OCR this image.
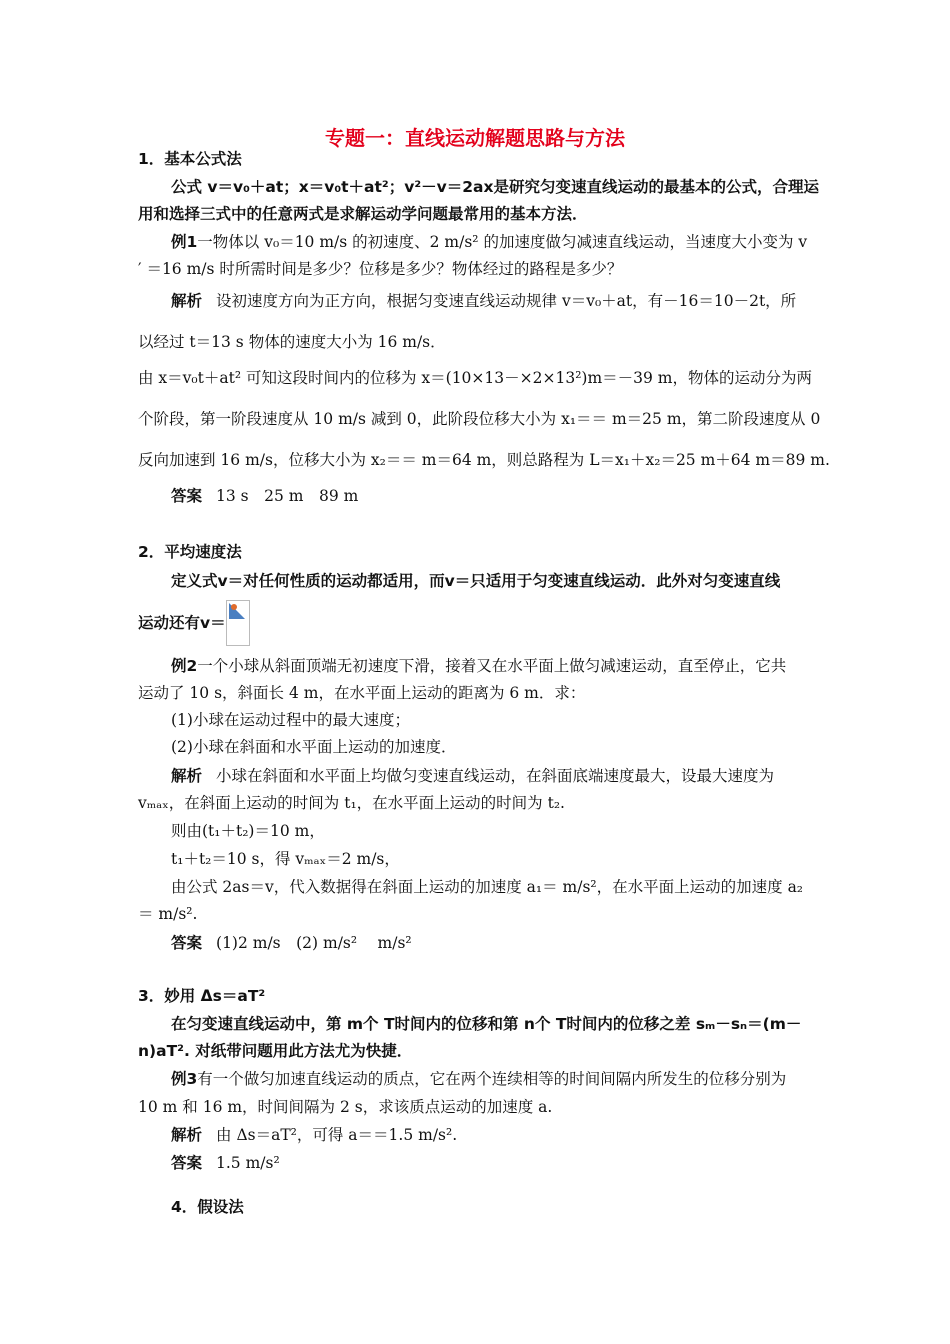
专题一：直线运动解题思路与方法
1．基本公式法
公式 v＝v₀＋at；x＝v₀t＋at²；v²－v＝2ax是研究匀变速直线运动的最基本的公式，合理运
用和选择三式中的任意两式是求解运动学问题最常用的基本方法．
例1一物体以 v₀＝10 m/s 的初速度、2 m/s² 的加速度做匀减速直线运动，当速度大小变为 v
′ ＝16 m/s 时所需时间是多少？位移是多少？物体经过的路程是多少？
解析 设初速度方向为正方向，根据匀变速直线运动规律 v＝v₀＋at，有－16＝10－2t，所
以经过 t＝13 s 物体的速度大小为 16 m/s．
由 x＝v₀t＋at² 可知这段时间内的位移为 x＝(10×13－×2×13²)m＝－39 m，物体的运动分为两
个阶段，第一阶段速度从 10 m/s 减到 0，此阶段位移大小为 x₁＝＝ m＝25 m，第二阶段速度从 0
反向加速到 16 m/s，位移大小为 x₂＝＝ m＝64 m，则总路程为 L＝x₁＋x₂＝25 m＋64 m＝89 m.
答案 13 s　25 m　89 m
2．平均速度法
定义式v＝对任何性质的运动都适用，而v＝只适用于匀变速直线运动．此外对匀变速直线
运动还有v＝
例2一个小球从斜面顶端无初速度下滑，接着又在水平面上做匀减速运动，直至停止，它共
运动了 10 s，斜面长 4 m，在水平面上运动的距离为 6 m．求：
(1)小球在运动过程中的最大速度；
(2)小球在斜面和水平面上运动的加速度．
解析 小球在斜面和水平面上均做匀变速直线运动，在斜面底端速度最大，设最大速度为
vₘₐₓ，在斜面上运动的时间为 t₁，在水平面上运动的时间为 t₂.
则由(t₁＋t₂)＝10 m，
t₁＋t₂＝10 s，得 vₘₐₓ＝2 m/s，
由公式 2as＝v，代入数据得在斜面上运动的加速度 a₁＝ m/s²，在水平面上运动的加速度 a₂
＝ m/s².
答案 (1)2 m/s　(2) m/s²　 m/s²
3．妙用 Δs＝aT²
在匀变速直线运动中，第 m个 T时间内的位移和第 n个 T时间内的位移之差 sₘ－sₙ＝(m－
n)aT². 对纸带问题用此方法尤为快捷．
例3有一个做匀加速直线运动的质点，它在两个连续相等的时间间隔内所发生的位移分别为
10 m 和 16 m，时间间隔为 2 s，求该质点运动的加速度 a.
解析 由 Δs＝aT²，可得 a＝＝1.5 m/s².
答案 1.5 m/s²
4．假设法
